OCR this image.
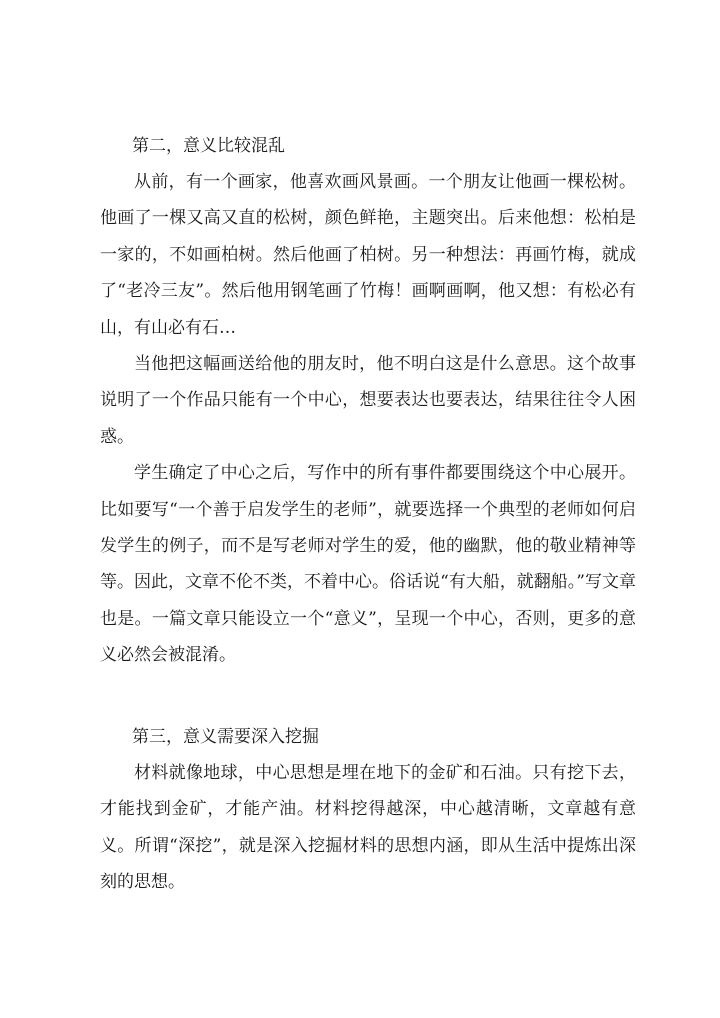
第二，意义比较混乱

从前，有一个画家，他喜欢画风景画。一个朋友让他画一棵松树。他画了一棵又高又直的松树，颜色鲜艳，主题突出。后来他想：松柏是一家的，不如画柏树。然后他画了柏树。另一种想法：再画竹梅，就成了“老冷三友”。然后他用钢笔画了竹梅！画啊画啊，他又想：有松必有山，有山必有石…

当他把这幅画送给他的朋友时，他不明白这是什么意思。这个故事说明了一个作品只能有一个中心，想要表达也要表达，结果往往令人困惑。

学生确定了中心之后，写作中的所有事件都要围绕这个中心展开。比如要写“一个善于启发学生的老师”，就要选择一个典型的老师如何启发学生的例子，而不是写老师对学生的爱，他的幽默，他的敬业精神等等。因此，文章不伦不类，不着中心。俗话说“有大船，就翻船。”写文章也是。一篇文章只能设立一个“意义”，呈现一个中心，否则，更多的意义必然会被混淆。

第三，意义需要深入挖掘

材料就像地球，中心思想是埋在地下的金矿和石油。只有挖下去，才能找到金矿，才能产油。材料挖得越深，中心越清晰，文章越有意义。所谓“深挖”，就是深入挖掘材料的思想内涵，即从生活中提炼出深刻的思想。
